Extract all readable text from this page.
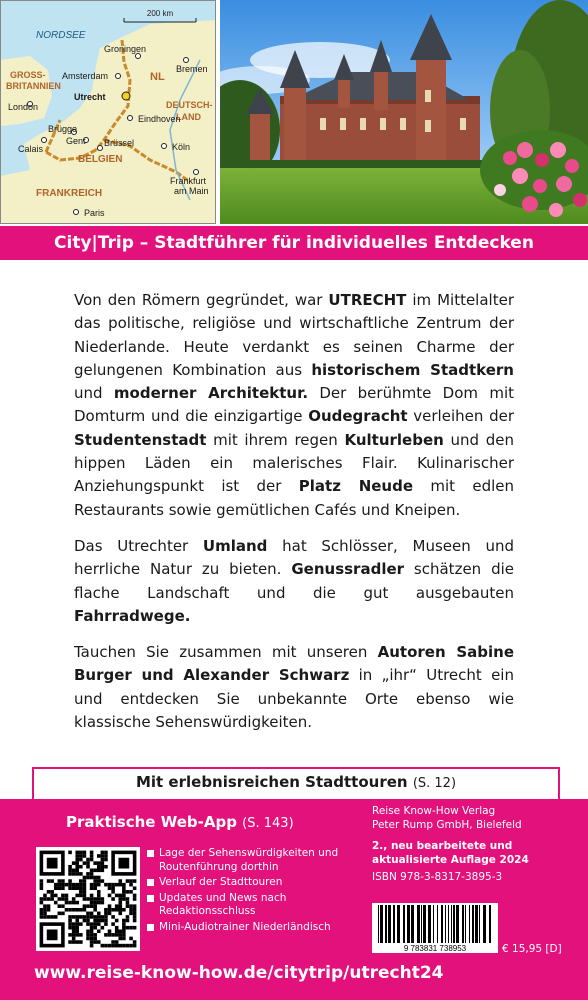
200 km
NORDSEE
GROSS-
BRITANNIEN
NL
DEUTSCH-
LAND
BELGIEN
FRANKREICH
Groningen
Bremen
Amsterdam
Utrecht
London
Eindhoven
Brügge
Gent
Calais
Brüssel	Köln
Frankfurt
am Main
Paris
City|Trip – Stadtführer für individuelles Entdecken

Von den Römern gegründet, war UTRECHT im Mittelalter das politische, religiöse und wirtschaftliche Zentrum der Niederlande. Heute verdankt es seinen Charme der gelungenen Kombination aus historischem Stadtkern und moderner Architektur. Der berühmte Dom mit Domturm und die einzigartige Oudegracht verleihen der Studentenstadt mit ihrem regen Kulturleben und den hippen Läden ein malerisches Flair. Kulinarischer Anziehungspunkt ist der Platz Neude mit edlen Restaurants sowie gemütlichen Cafés und Kneipen.

Das Utrechter Umland hat Schlösser, Museen und herrliche Natur zu bieten. Genussradler schätzen die flache Landschaft und die gut ausgebauten Fahrradwege.

Tauchen Sie zusammen mit unseren Autoren Sabine Burger und Alexander Schwarz in „ihr“ Utrecht ein und entdecken Sie unbekannte Orte ebenso wie klassische Sehenswürdigkeiten.

Mit erlebnisreichen Stadttouren (S. 12)
Praktische Web-App (S. 143)
Lage der Sehenswürdigkeiten und Routenführung dorthin
Verlauf der Stadttouren
Updates und News nach Redaktionsschluss
Mini-Audiotrainer Niederländisch
Reise Know-How Verlag
Peter Rump GmbH, Bielefeld
2., neu bearbeitete und
aktualisierte Auflage 2024
ISBN 978-3-8317-3895-3
9 783831 738953	€ 15,95 [D]
www.reise-know-how.de/citytrip/utrecht24
